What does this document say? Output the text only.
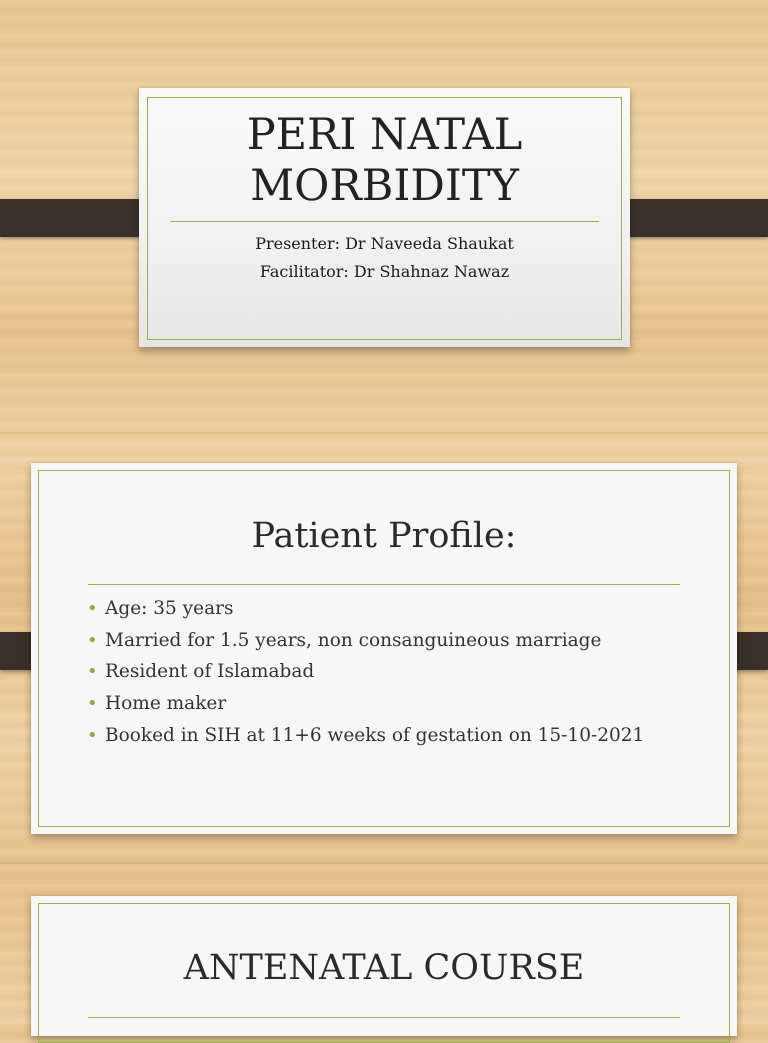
PERI NATAL
MORBIDITY
Presenter: Dr Naveeda Shaukat
Facilitator: Dr Shahnaz Nawaz
Patient Profile:
• Age: 35 years
• Married for 1.5 years, non consanguineous marriage
• Resident of Islamabad
• Home maker
• Booked in SIH at 11+6 weeks of gestation on 15-10-2021
ANTENATAL COURSE
